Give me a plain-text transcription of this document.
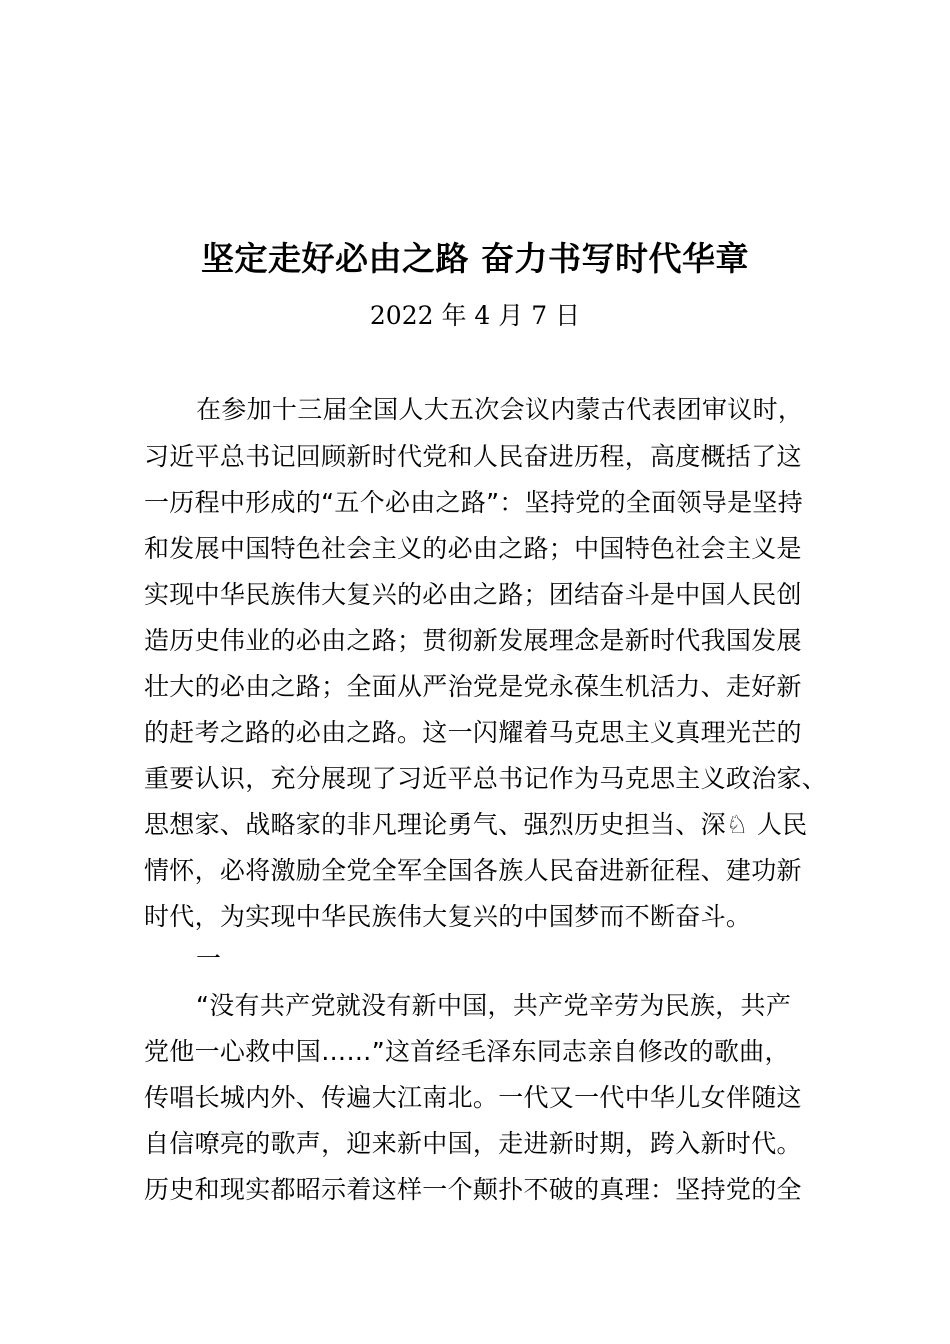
坚定走好必由之路 奋力书写时代华章
2022 年 4 月 7 日
在参加十三届全国人大五次会议内蒙古代表团审议时，
习近平总书记回顾新时代党和人民奋进历程，高度概括了这
一历程中形成的“五个必由之路”：坚持党的全面领导是坚持
和发展中国特色社会主义的必由之路；中国特色社会主义是
实现中华民族伟大复兴的必由之路；团结奋斗是中国人民创
造历史伟业的必由之路；贯彻新发展理念是新时代我国发展
壮大的必由之路；全面从严治党是党永葆生机活力、走好新
的赶考之路的必由之路。这一闪耀着马克思主义真理光芒的
重要认识，充分展现了习近平总书记作为马克思主义政治家、
思想家、战略家的非凡理论勇气、强烈历史担当、深♘ 人民
情怀，必将激励全党全军全国各族人民奋进新征程、建功新
时代，为实现中华民族伟大复兴的中国梦而不断奋斗。
一
“没有共产党就没有新中国，共产党辛劳为民族，共产
党他一心救中国……”这首经毛泽东同志亲自修改的歌曲，
传唱长城内外、传遍大江南北。一代又一代中华儿女伴随这
自信嘹亮的歌声，迎来新中国，走进新时期，跨入新时代。
历史和现实都昭示着这样一个颠扑不破的真理：坚持党的全
